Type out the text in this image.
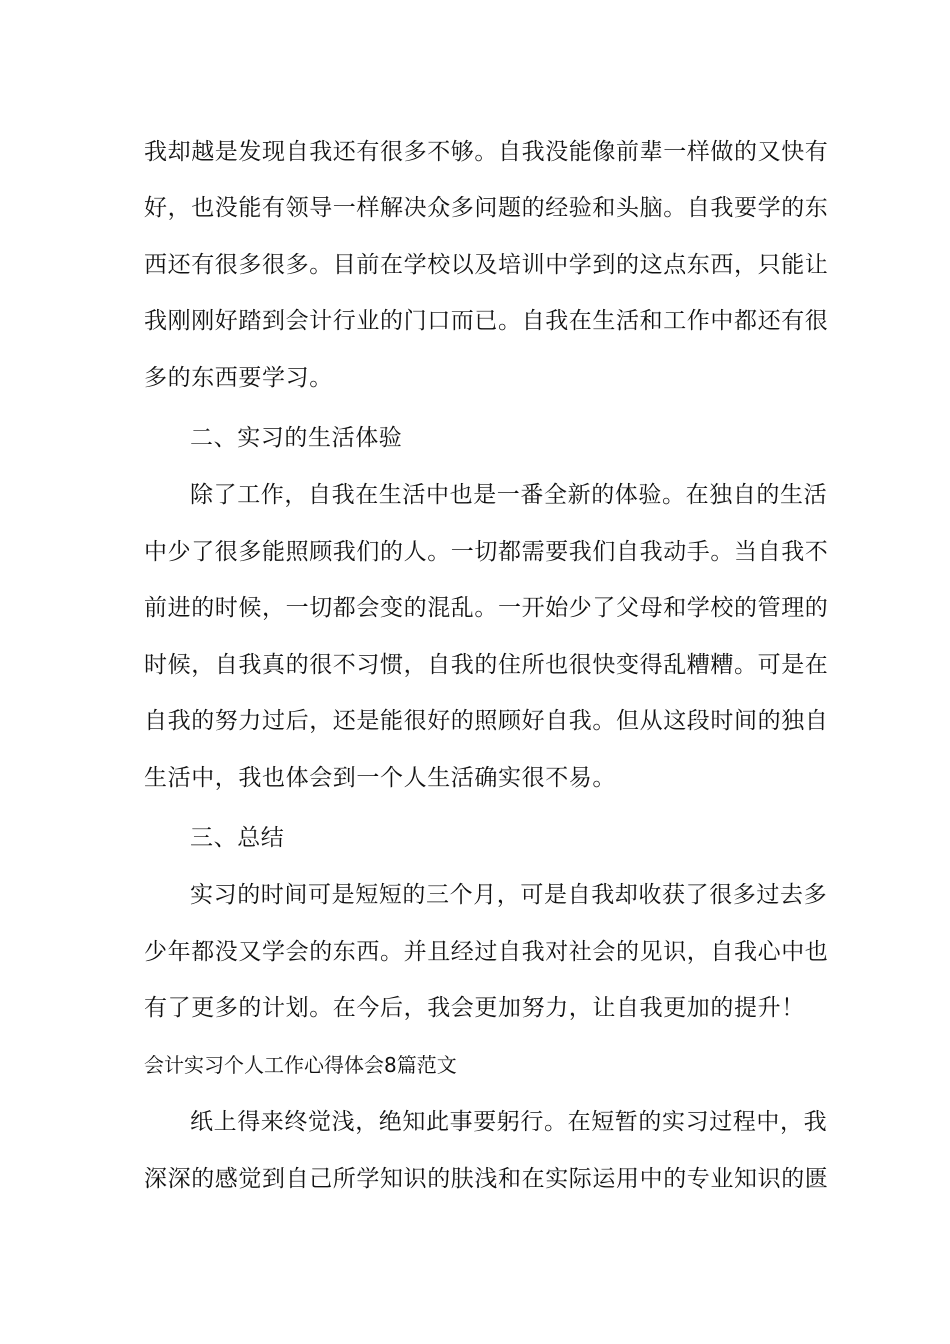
我却越是发现自我还有很多不够。自我没能像前辈一样做的又快有
好，也没能有领导一样解决众多问题的经验和头脑。自我要学的东
西还有很多很多。目前在学校以及培训中学到的这点东西，只能让
我刚刚好踏到会计行业的门口而已。自我在生活和工作中都还有很
多的东西要学习。
二、实习的生活体验
除了工作，自我在生活中也是一番全新的体验。在独自的生活
中少了很多能照顾我们的人。一切都需要我们自我动手。当自我不
前进的时候，一切都会变的混乱。一开始少了父母和学校的管理的
时候，自我真的很不习惯，自我的住所也很快变得乱糟糟。可是在
自我的努力过后，还是能很好的照顾好自我。但从这段时间的独自
生活中，我也体会到一个人生活确实很不易。
三、总结
实习的时间可是短短的三个月，可是自我却收获了很多过去多
少年都没又学会的东西。并且经过自我对社会的见识，自我心中也
有了更多的计划。在今后，我会更加努力，让自我更加的提升！
会计实习个人工作心得体会8篇范文
纸上得来终觉浅，绝知此事要躬行。在短暂的实习过程中，我
深深的感觉到自己所学知识的肤浅和在实际运用中的专业知识的匮
